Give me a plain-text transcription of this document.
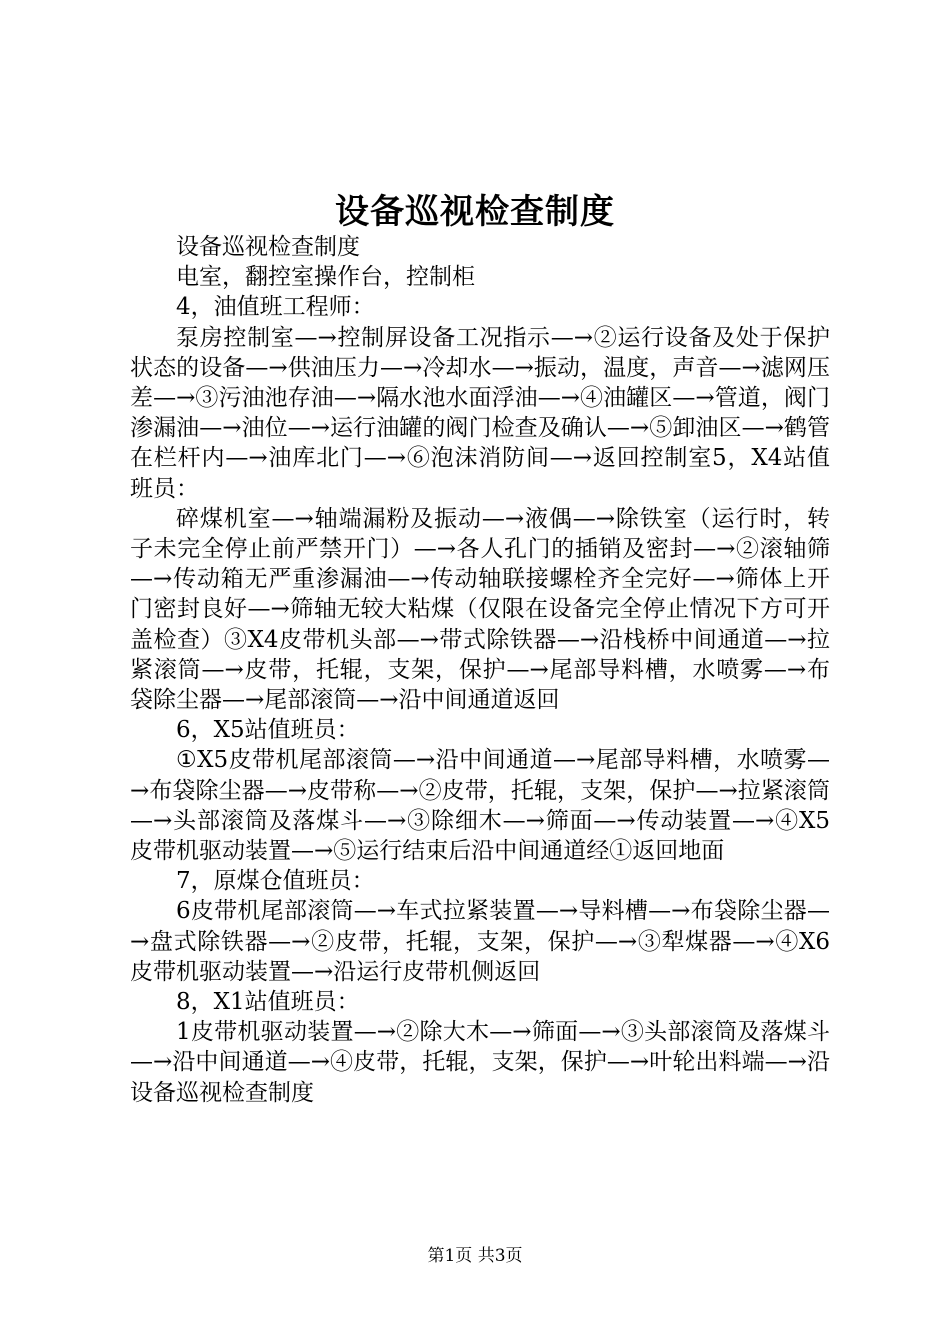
设备巡视检查制度

设备巡视检查制度

电室，翻控室操作台，控制柜

4，油值班工程师：

泵房控制室—→控制屏设备工况指示—→②运行设备及处于保护状态的设备—→供油压力—→冷却水—→振动，温度，声音—→滤网压差—→③污油池存油—→隔水池水面浮油—→④油罐区—→管道，阀门渗漏油—→油位—→运行油罐的阀门检查及确认—→⑤卸油区—→鹤管在栏杆内—→油库北门—→⑥泡沫消防间—→返回控制室5，X4站值班员：

碎煤机室—→轴端漏粉及振动—→液偶—→除铁室（运行时，转子未完全停止前严禁开门）—→各人孔门的插销及密封—→②滚轴筛—→传动箱无严重渗漏油—→传动轴联接螺栓齐全完好—→筛体上开门密封良好—→筛轴无较大粘煤（仅限在设备完全停止情况下方可开盖检查）③X4皮带机头部—→带式除铁器—→沿栈桥中间通道—→拉紧滚筒—→皮带，托辊，支架，保护—→尾部导料槽，水喷雾—→布袋除尘器—→尾部滚筒—→沿中间通道返回

6，X5站值班员：

①X5皮带机尾部滚筒—→沿中间通道—→尾部导料槽，水喷雾—→布袋除尘器—→皮带称—→②皮带，托辊，支架，保护—→拉紧滚筒—→头部滚筒及落煤斗—→③除细木—→筛面—→传动装置—→④X5皮带机驱动装置—→⑤运行结束后沿中间通道经①返回地面

7，原煤仓值班员：

6皮带机尾部滚筒—→车式拉紧装置—→导料槽—→布袋除尘器—→盘式除铁器—→②皮带，托辊，支架，保护—→③犁煤器—→④X6皮带机驱动装置—→沿运行皮带机侧返回

8，X1站值班员：

1皮带机驱动装置—→②除大木—→筛面—→③头部滚筒及落煤斗—→沿中间通道—→④皮带，托辊，支架，保护—→叶轮出料端—→沿设备巡视检查制度

第1页 共3页
